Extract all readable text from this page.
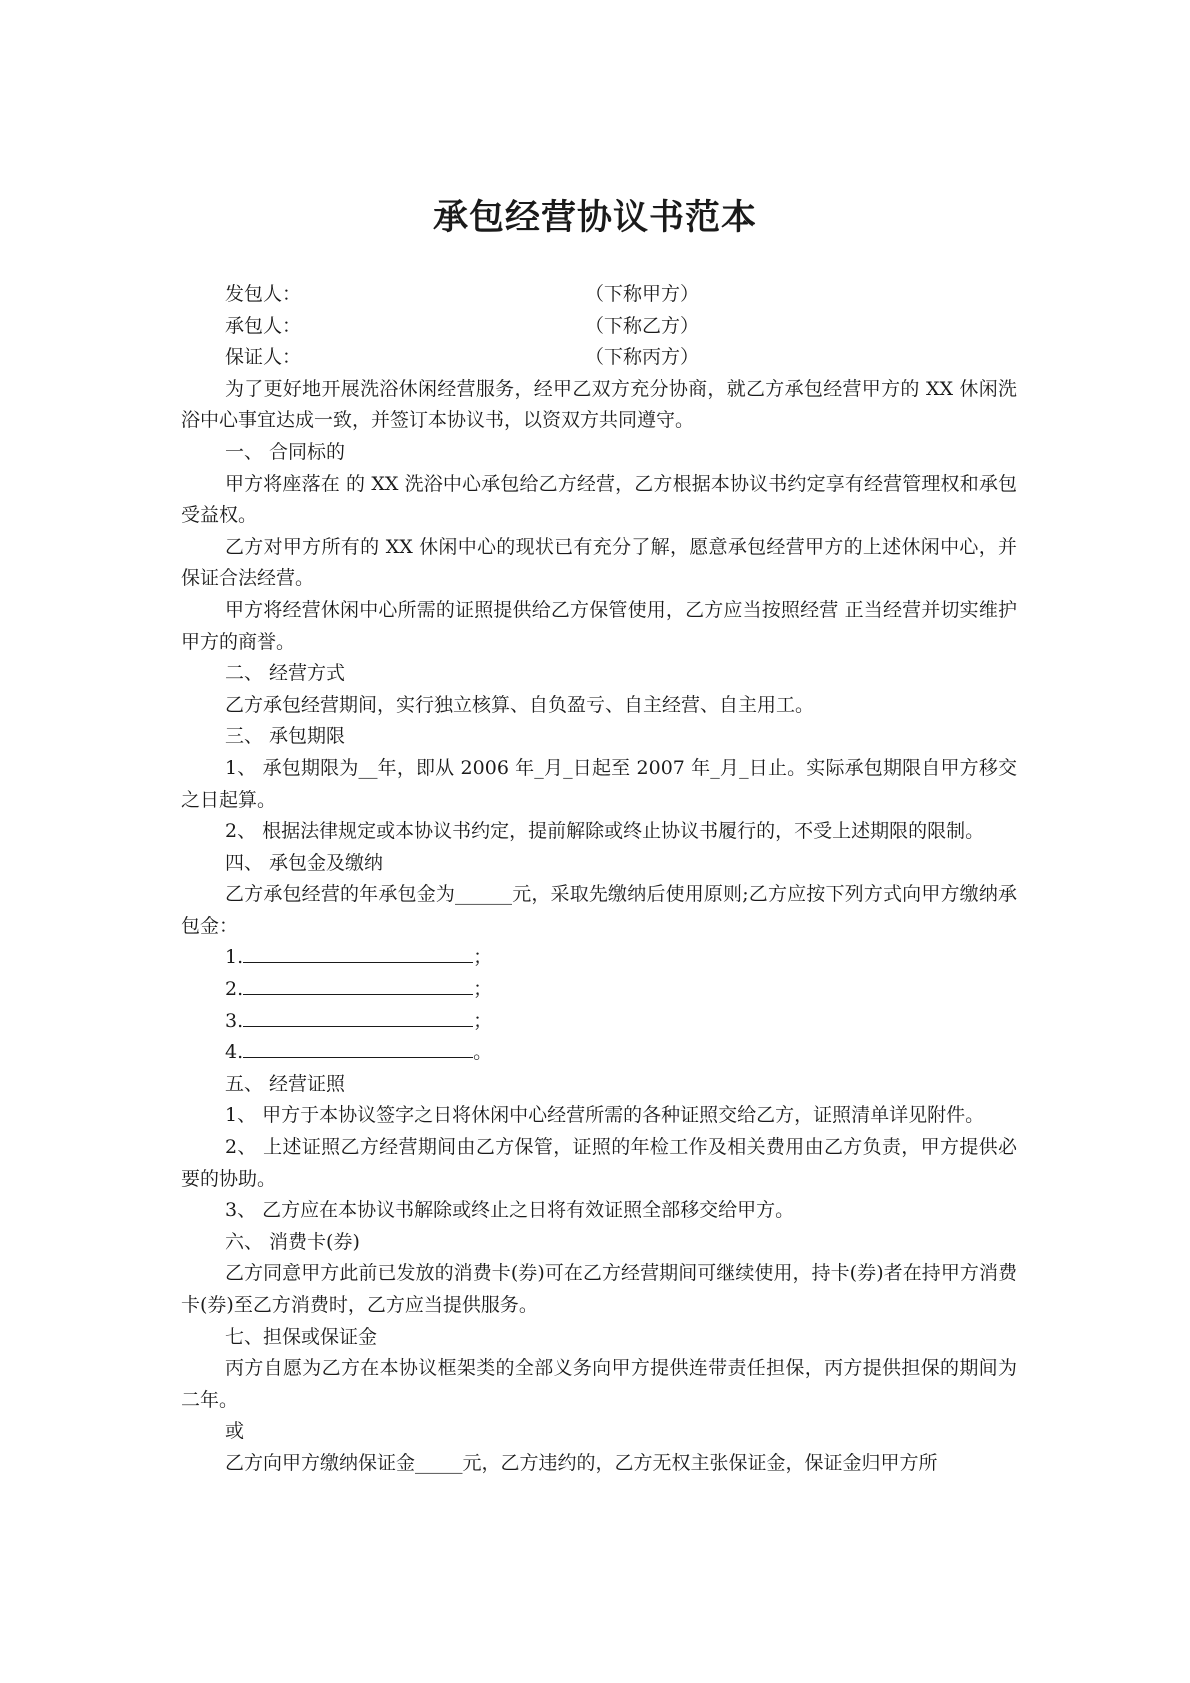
承包经营协议书范本
发包人：	（下称甲方）
承包人：	（下称乙方）
保证人：	（下称丙方）

为了更好地开展洗浴休闲经营服务，经甲乙双方充分协商，就乙方承包经营甲方的 XX 休闲洗浴中心事宜达成一致，并签订本协议书，以资双方共同遵守。

一、 合同标的

甲方将座落在 的 XX 洗浴中心承包给乙方经营，乙方根据本协议书约定享有经营管理权和承包受益权。

乙方对甲方所有的 XX 休闲中心的现状已有充分了解，愿意承包经营甲方的上述休闲中心，并保证合法经营。

甲方将经营休闲中心所需的证照提供给乙方保管使用，乙方应当按照经营 正当经营并切实维护甲方的商誉。

二、 经营方式

乙方承包经营期间，实行独立核算、自负盈亏、自主经营、自主用工。

三、 承包期限

1、 承包期限为__年，即从 2006 年_月_日起至 2007 年_月_日止。实际承包期限自甲方移交之日起算。

2、 根据法律规定或本协议书约定，提前解除或终止协议书履行的，不受上述期限的限制。

四、 承包金及缴纳

乙方承包经营的年承包金为______元，采取先缴纳后使用原则;乙方应按下列方式向甲方缴纳承包金：

1.	；
2.	；
3.	；
4.	。

五、 经营证照

1、 甲方于本协议签字之日将休闲中心经营所需的各种证照交给乙方，证照清单详见附件。

2、 上述证照乙方经营期间由乙方保管，证照的年检工作及相关费用由乙方负责，甲方提供必要的协助。

3、 乙方应在本协议书解除或终止之日将有效证照全部移交给甲方。

六、 消费卡(券)

乙方同意甲方此前已发放的消费卡(券)可在乙方经营期间可继续使用，持卡(券)者在持甲方消费卡(券)至乙方消费时，乙方应当提供服务。

七、担保或保证金

丙方自愿为乙方在本协议框架类的全部义务向甲方提供连带责任担保，丙方提供担保的期间为二年。

或

乙方向甲方缴纳保证金_____元，乙方违约的，乙方无权主张保证金，保证金归甲方所
